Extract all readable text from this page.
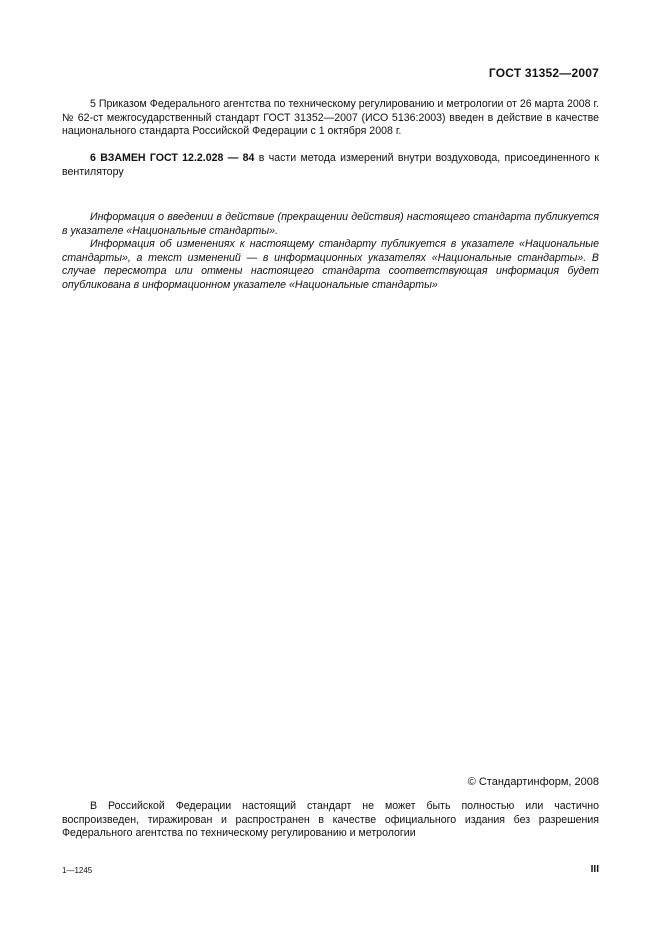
ГОСТ 31352—2007

5 Приказом Федерального агентства по техническому регулированию и метрологии от 26 марта 2008 г. № 62-ст межгосударственный стандарт ГОСТ 31352—2007 (ИСО 5136:2003) введен в действие в качестве национального стандарта Российской Федерации с 1 октября 2008 г.

6 ВЗАМЕН ГОСТ 12.2.028 — 84 в части метода измерений внутри воздуховода, присоединенного к вентилятору

Информация о введении в действие (прекращении действия) настоящего стандарта публикуется в указателе «Национальные стандарты».

Информация об изменениях к настоящему стандарту публикуется в указателе «Национальные стандарты», а текст изменений — в информационных указателях «Национальные стандарты». В случае пересмотра или отмены настоящего стандарта соответствующая информация будет опубликована в информационном указателе «Национальные стандарты»

© Стандартинформ, 2008

В Российской Федерации настоящий стандарт не может быть полностью или частично воспроизведен, тиражирован и распространен в качестве официального издания без разрешения Федерального агентства по техническому регулированию и метрологии

1—1245	III
